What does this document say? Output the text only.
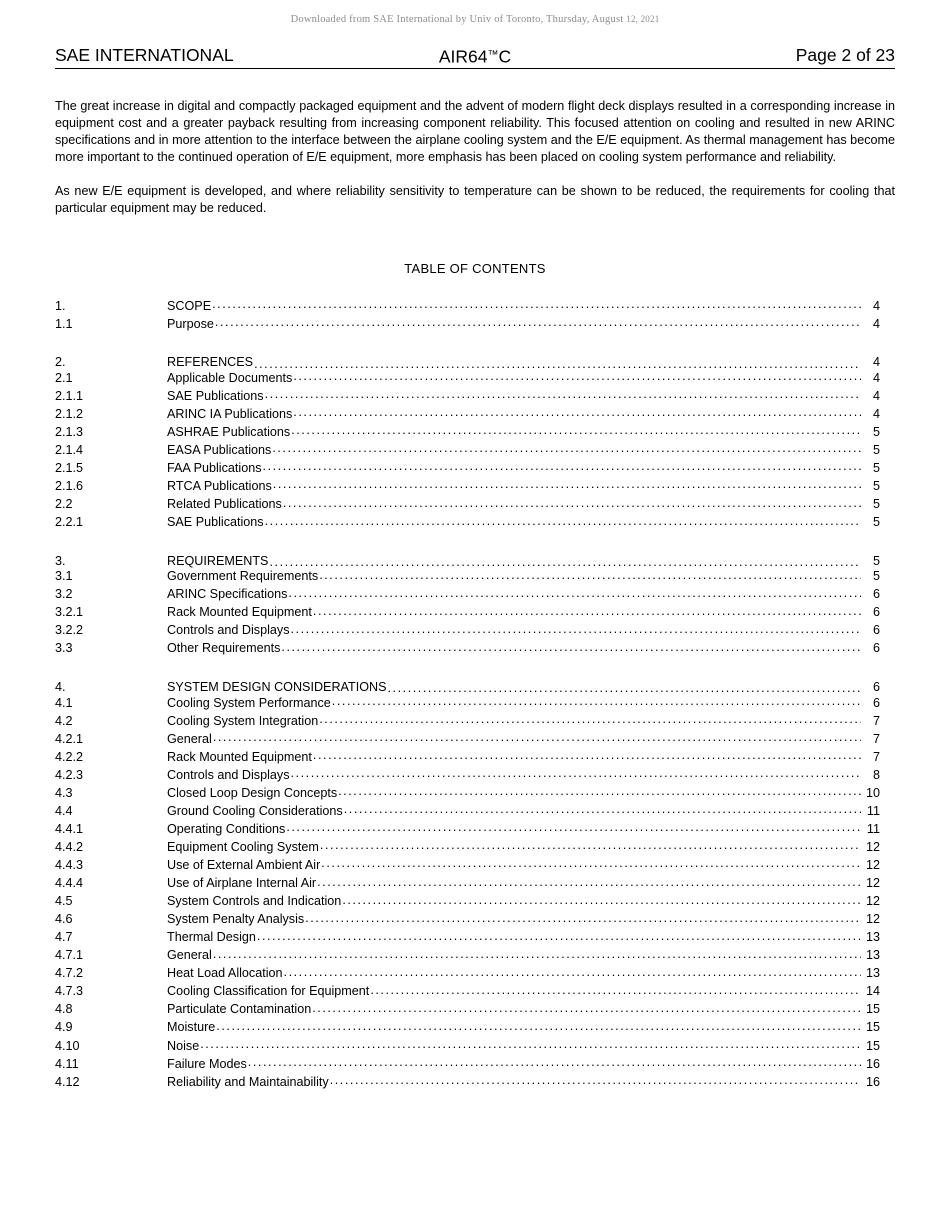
Downloaded from SAE International by Univ of Toronto, Thursday, August 12, 2021
SAE INTERNATIONAL	AIR64™C	Page 2 of 23

The great increase in digital and compactly packaged equipment and the advent of modern flight deck displays resulted in a corresponding increase in equipment cost and a greater payback resulting from increasing component reliability. This focused attention on cooling and resulted in new ARINC specifications and in more attention to the interface between the airplane cooling system and the E/E equipment. As thermal management has become more important to the continued operation of E/E equipment, more emphasis has been placed on cooling system performance and reliability.

As new E/E equipment is developed, and where reliability sensitivity to temperature can be shown to be reduced, the requirements for cooling that particular equipment may be reduced.

TABLE OF CONTENTS
1.	SCOPE .....	4
1.1	Purpose .....	4
2.	REFERENCES .....	4
2.1	Applicable Documents .....	4
2.1.1	SAE Publications .....	4
2.1.2	ARINC IA Publications .....	4
2.1.3	ASHRAE Publications .....	5
2.1.4	EASA Publications .....	5
2.1.5	FAA Publications .....	5
2.1.6	RTCA Publications .....	5
2.2	Related Publications .....	5
2.2.1	SAE Publications .....	5
3.	REQUIREMENTS .....	5
3.1	Government Requirements .....	5
3.2	ARINC Specifications .....	6
3.2.1	Rack Mounted Equipment .....	6
3.2.2	Controls and Displays .....	6
3.3	Other Requirements .....	6
4.	SYSTEM DESIGN CONSIDERATIONS .....	6
4.1	Cooling System Performance .....	6
4.2	Cooling System Integration .....	7
4.2.1	General .....	7
4.2.2	Rack Mounted Equipment .....	7
4.2.3	Controls and Displays .....	8
4.3	Closed Loop Design Concepts .....	10
4.4	Ground Cooling Considerations .....	11
4.4.1	Operating Conditions .....	11
4.4.2	Equipment Cooling System .....	12
4.4.3	Use of External Ambient Air .....	12
4.4.4	Use of Airplane Internal Air .....	12
4.5	System Controls and Indication .....	12
4.6	System Penalty Analysis .....	12
4.7	Thermal Design .....	13
4.7.1	General .....	13
4.7.2	Heat Load Allocation .....	13
4.7.3	Cooling Classification for Equipment .....	14
4.8	Particulate Contamination .....	15
4.9	Moisture .....	15
4.10	Noise .....	15
4.11	Failure Modes .....	16
4.12	Reliability and Maintainability .....	16
